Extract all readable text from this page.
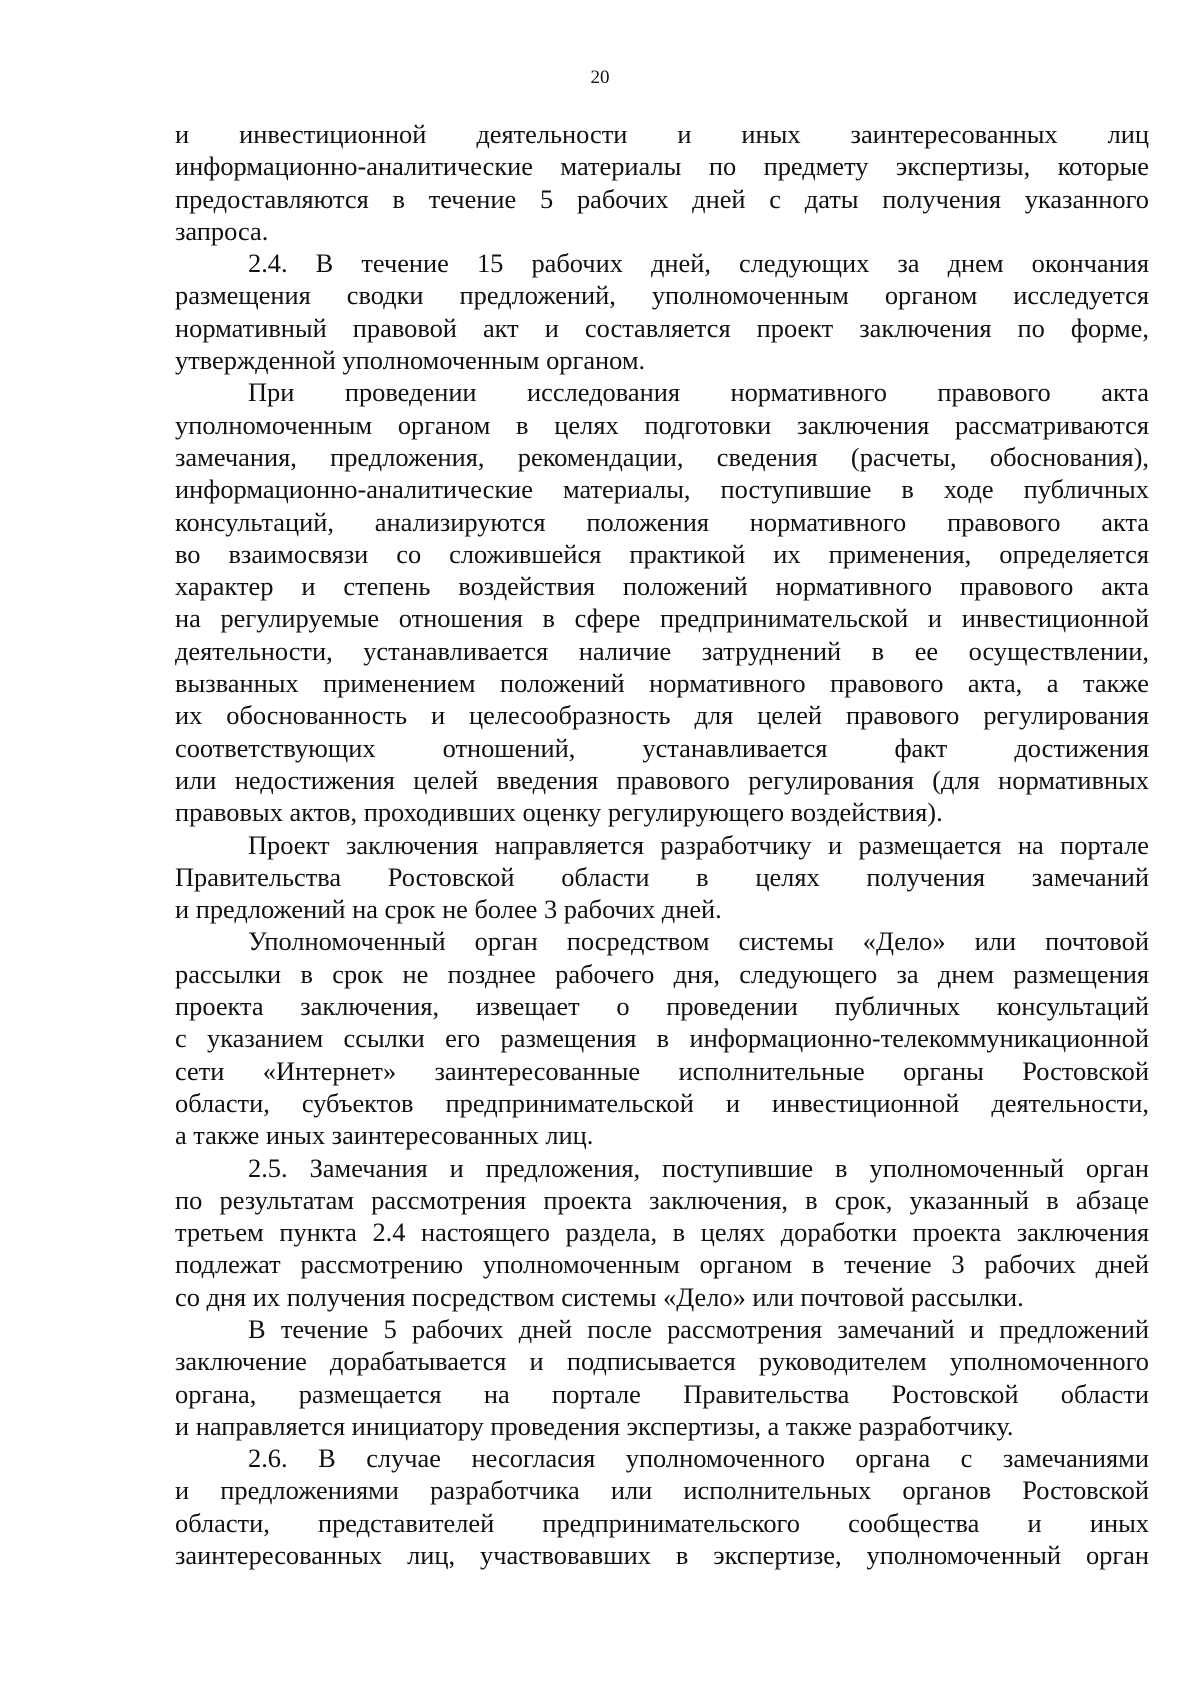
20
и инвестиционной деятельности и иных заинтересованных лиц
информационно-аналитические материалы по предмету экспертизы, которые
предоставляются в течение 5 рабочих дней с даты получения указанного
запроса.
2.4. В течение 15 рабочих дней, следующих за днем окончания
размещения сводки предложений, уполномоченным органом исследуется
нормативный правовой акт и составляется проект заключения по форме,
утвержденной уполномоченным органом.
При проведении исследования нормативного правового акта
уполномоченным органом в целях подготовки заключения рассматриваются
замечания, предложения, рекомендации, сведения (расчеты, обоснования),
информационно-аналитические материалы, поступившие в ходе публичных
консультаций, анализируются положения нормативного правового акта
во взаимосвязи со сложившейся практикой их применения, определяется
характер и степень воздействия положений нормативного правового акта
на регулируемые отношения в сфере предпринимательской и инвестиционной
деятельности, устанавливается наличие затруднений в ее осуществлении,
вызванных применением положений нормативного правового акта, а также
их обоснованность и целесообразность для целей правового регулирования
соответствующих отношений, устанавливается факт достижения
или недостижения целей введения правового регулирования (для нормативных
правовых актов, проходивших оценку регулирующего воздействия).
Проект заключения направляется разработчику и размещается на портале
Правительства Ростовской области в целях получения замечаний
и предложений на срок не более 3 рабочих дней.
Уполномоченный орган посредством системы «Дело» или почтовой
рассылки в срок не позднее рабочего дня, следующего за днем размещения
проекта заключения, извещает о проведении публичных консультаций
с указанием ссылки его размещения в информационно-телекоммуникационной
сети «Интернет» заинтересованные исполнительные органы Ростовской
области, субъектов предпринимательской и инвестиционной деятельности,
а также иных заинтересованных лиц.
2.5. Замечания и предложения, поступившие в уполномоченный орган
по результатам рассмотрения проекта заключения, в срок, указанный в абзаце
третьем пункта 2.4 настоящего раздела, в целях доработки проекта заключения
подлежат рассмотрению уполномоченным органом в течение 3 рабочих дней
со дня их получения посредством системы «Дело» или почтовой рассылки.
В течение 5 рабочих дней после рассмотрения замечаний и предложений
заключение дорабатывается и подписывается руководителем уполномоченного
органа, размещается на портале Правительства Ростовской области
и направляется инициатору проведения экспертизы, а также разработчику.
2.6. В случае несогласия уполномоченного органа с замечаниями
и предложениями разработчика или исполнительных органов Ростовской
области, представителей предпринимательского сообщества и иных
заинтересованных лиц, участвовавших в экспертизе, уполномоченный орган
